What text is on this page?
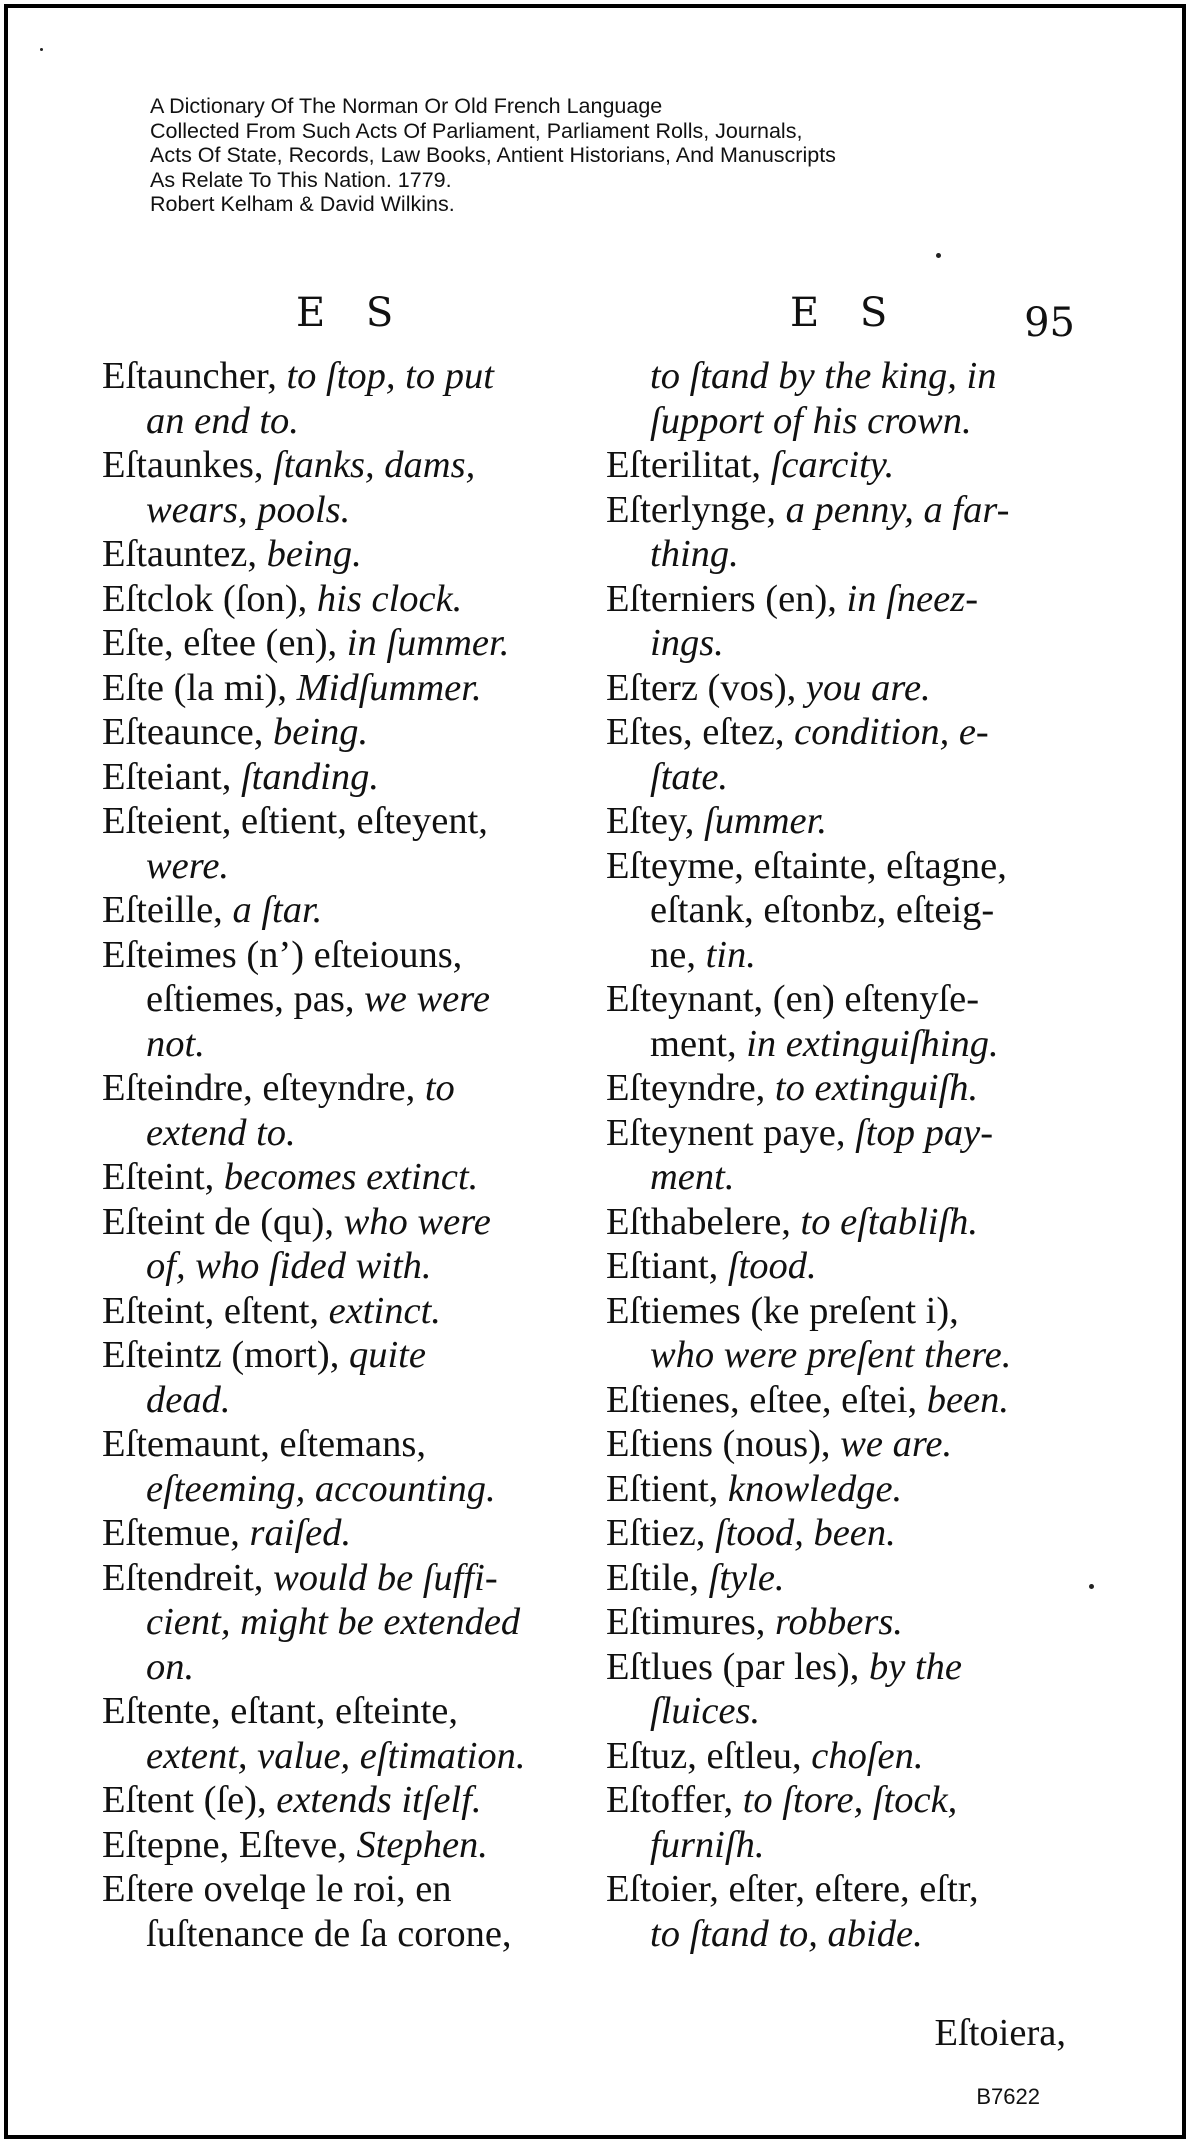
A Dictionary Of The Norman Or Old French Language
Collected From Such Acts Of Parliament, Parliament Rolls, Journals,
Acts Of State, Records, Law Books, Antient Historians, And Manuscripts
As Relate To This Nation. 1779.
Robert Kelham & David Wilkins.
E S	E S	95
Eſtauncher, to ſtop, to put
an end to.
Eſtaunkes, ſtanks, dams,
wears, pools.
Eſtauntez, being.
Eſtclok (ſon), his clock.
Eſte, eſtee (en), in ſummer.
Eſte (la mi), Midſummer.
Eſteaunce, being.
Eſteiant, ſtanding.
Eſteient, eſtient, eſteyent,
were.
Eſteille, a ſtar.
Eſteimes (n’) eſteiouns,
eſtiemes, pas, we were
not.
Eſteindre, eſteyndre, to
extend to.
Eſteint, becomes extinct.
Eſteint de (qu), who were
of, who ſided with.
Eſteint, eſtent, extinct.
Eſteintz (mort), quite
dead.
Eſtemaunt, eſtemans,
eſteeming, accounting.
Eſtemue, raiſed.
Eſtendreit, would be ſuffi-
cient, might be extended
on.
Eſtente, eſtant, eſteinte,
extent, value, eſtimation.
Eſtent (ſe), extends itſelf.
Eſtepne, Eſteve, Stephen.
Eſtere ovelqe le roi, en
ſuſtenance de ſa corone,
to ſtand by the king, in
ſupport of his crown.
Eſterilitat, ſcarcity.
Eſterlynge, a penny, a far-
thing.
Eſterniers (en), in ſneez-
ings.
Eſterz (vos), you are.
Eſtes, eſtez, condition, e-
ſtate.
Eſtey, ſummer.
Eſteyme, eſtainte, eſtagne,
eſtank, eſtonbz, eſteig-
ne, tin.
Eſteynant, (en) eſtenyſe-
ment, in extinguiſhing.
Eſteyndre, to extinguiſh.
Eſteynent paye, ſtop pay-
ment.
Eſthabelere, to eſtabliſh.
Eſtiant, ſtood.
Eſtiemes (ke preſent i),
who were preſent there.
Eſtienes, eſtee, eſtei, been.
Eſtiens (nous), we are.
Eſtient, knowledge.
Eſtiez, ſtood, been.
Eſtile, ſtyle.
Eſtimures, robbers.
Eſtlues (par les), by the
ſluices.
Eſtuz, eſtleu, choſen.
Eſtoffer, to ſtore, ſtock,
furniſh.
Eſtoier, eſter, eſtere, eſtr,
to ſtand to, abide.
Eſtoiera,
B7622
